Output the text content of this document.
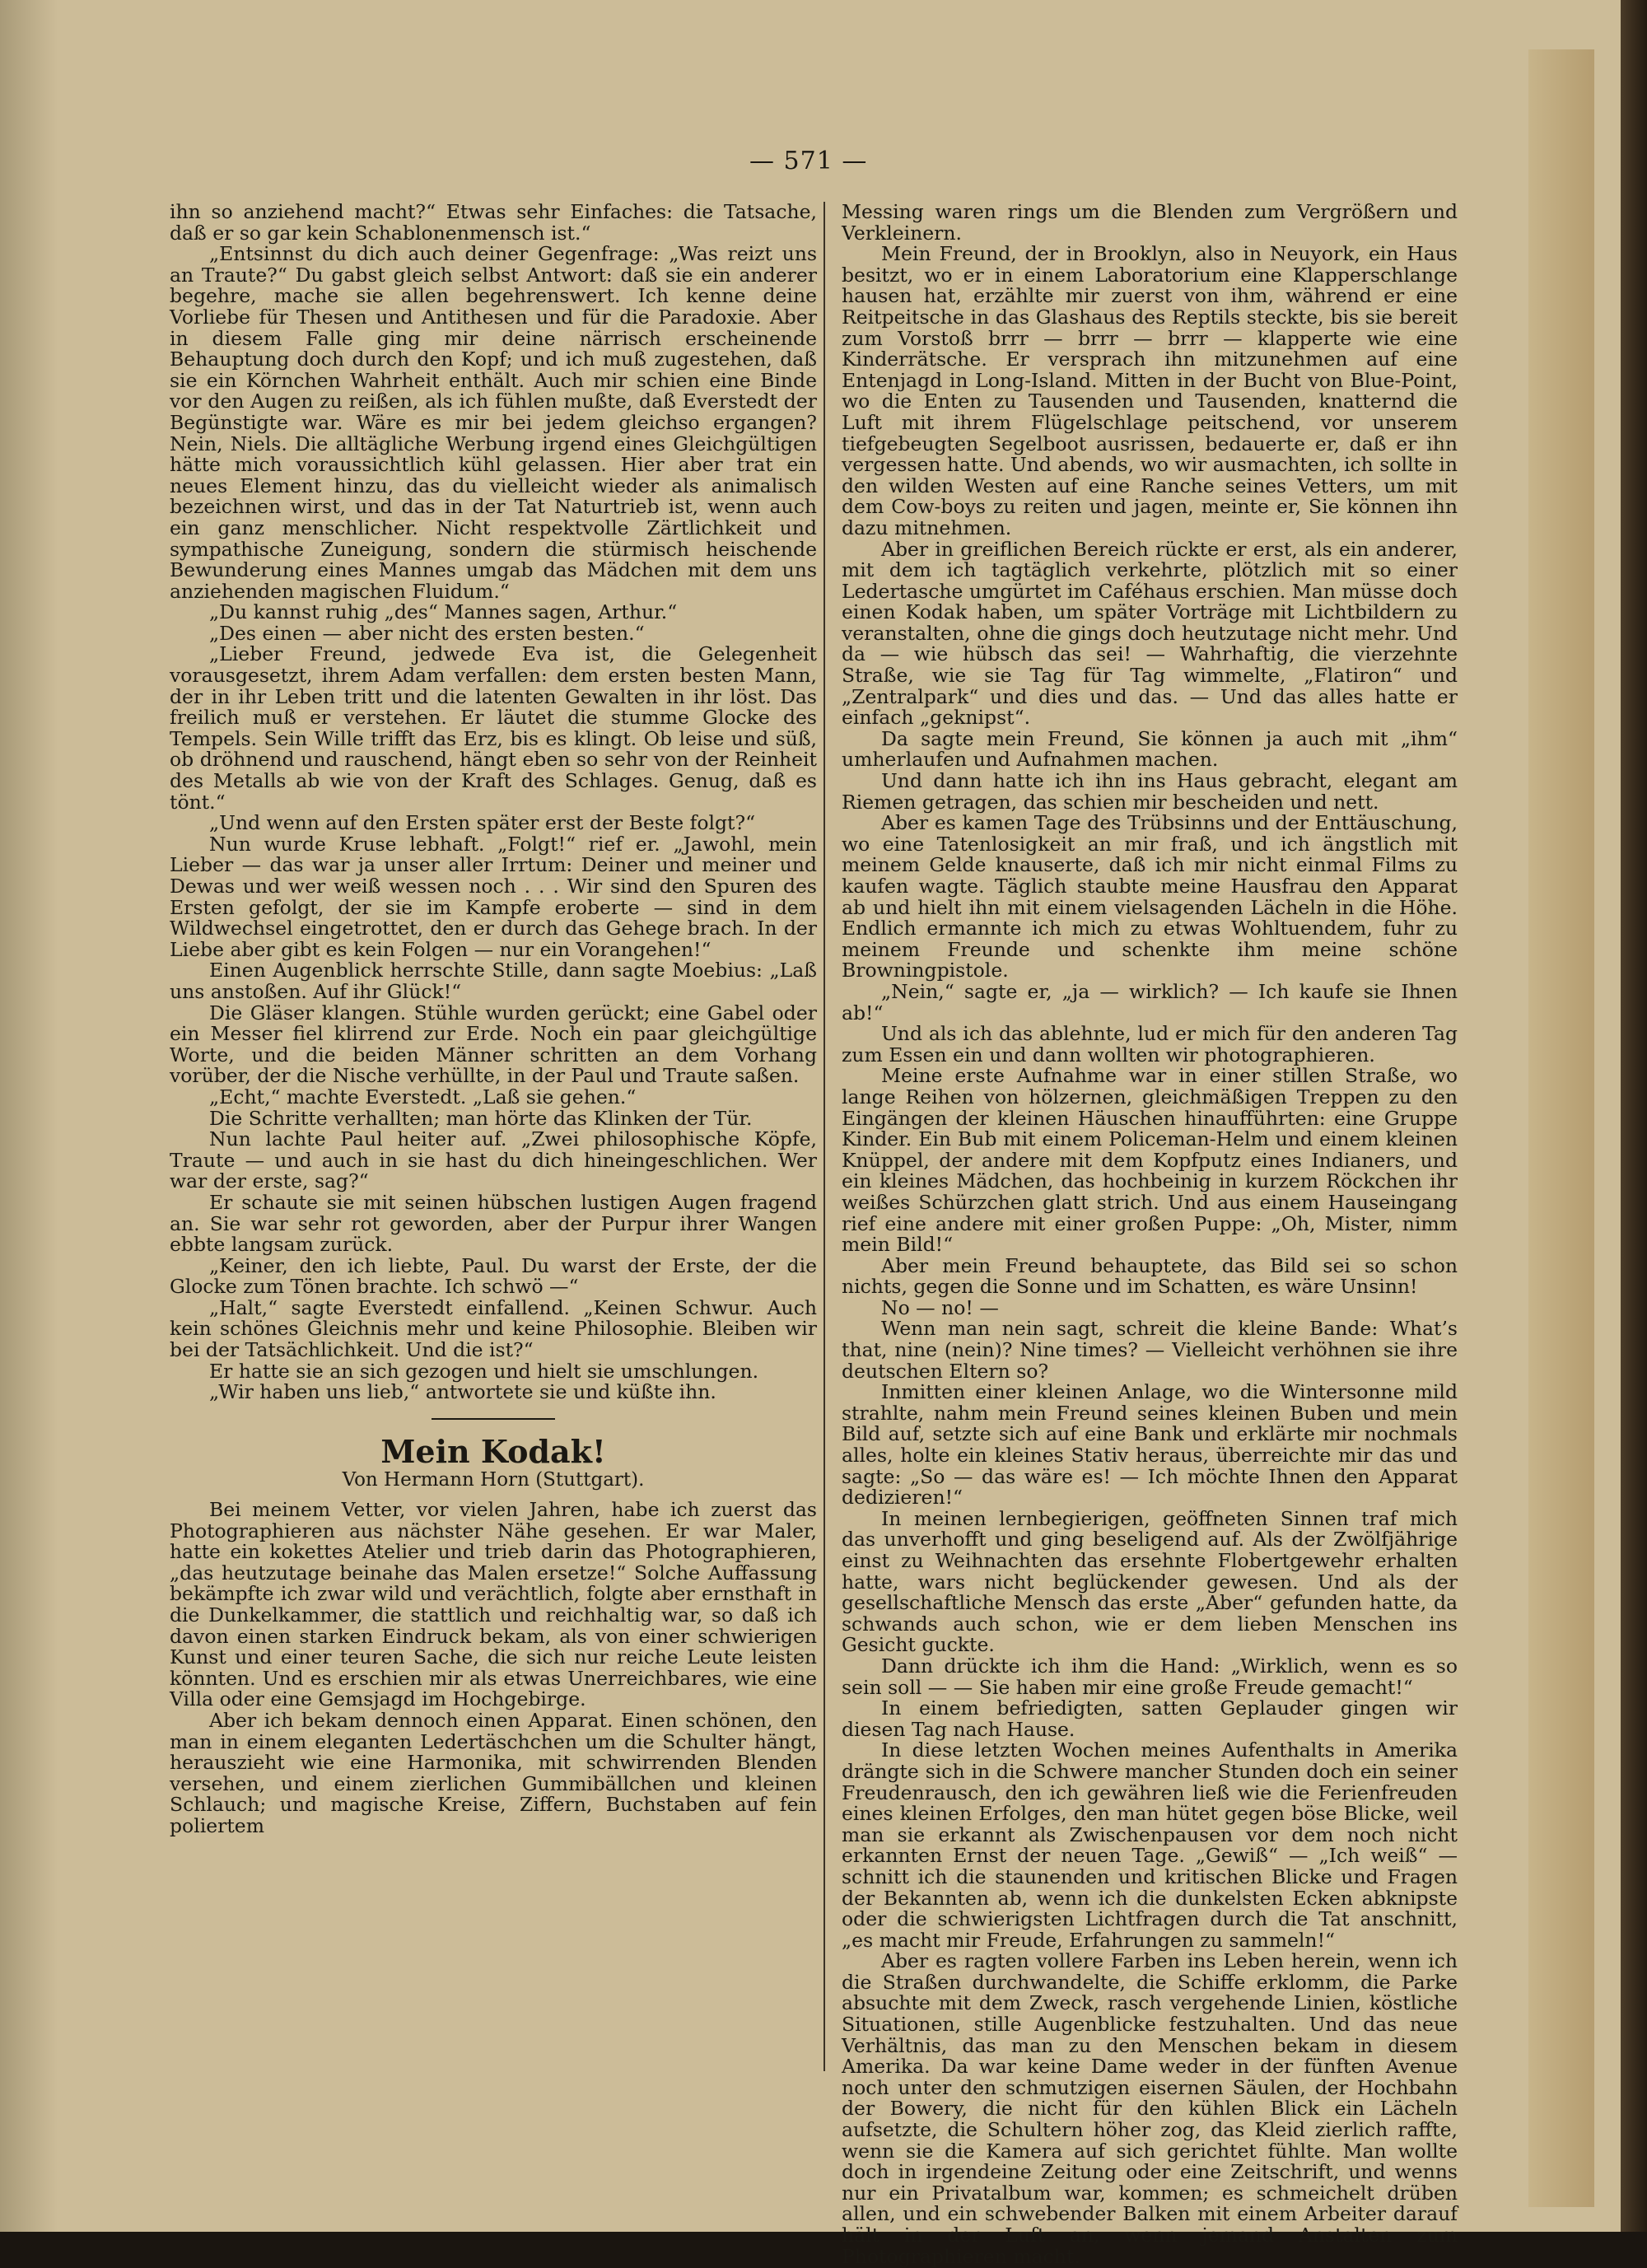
— 571 —

ihn so anziehend macht?“ Etwas sehr Einfaches: die Tatsache, daß er so gar kein Schablonenmensch ist.“

„Entsinnst du dich auch deiner Gegenfrage: „Was reizt uns an Traute?“ Du gabst gleich selbst Antwort: daß sie ein anderer begehre, mache sie allen begehrenswert. Ich kenne deine Vorliebe für Thesen und Antithesen und für die Paradoxie. Aber in diesem Falle ging mir deine närrisch erscheinende Behauptung doch durch den Kopf; und ich muß zugestehen, daß sie ein Körnchen Wahrheit enthält. Auch mir schien eine Binde vor den Augen zu reißen, als ich fühlen mußte, daß Everstedt der Begünstigte war. Wäre es mir bei jedem gleichso ergangen? Nein, Niels. Die alltägliche Werbung irgend eines Gleichgültigen hätte mich voraussichtlich kühl gelassen. Hier aber trat ein neues Element hinzu, das du vielleicht wieder als animalisch bezeichnen wirst, und das in der Tat Naturtrieb ist, wenn auch ein ganz menschlicher. Nicht respektvolle Zärtlichkeit und sympathische Zuneigung, sondern die stürmisch heischende Bewunderung eines Mannes umgab das Mädchen mit dem uns anziehenden magischen Fluidum.“

„Du kannst ruhig „des“ Mannes sagen, Arthur.“

„Des einen — aber nicht des ersten besten.“

„Lieber Freund, jedwede Eva ist, die Gelegenheit vorausgesetzt, ihrem Adam verfallen: dem ersten besten Mann, der in ihr Leben tritt und die latenten Gewalten in ihr löst. Das freilich muß er verstehen. Er läutet die stumme Glocke des Tempels. Sein Wille trifft das Erz, bis es klingt. Ob leise und süß, ob dröhnend und rauschend, hängt eben so sehr von der Reinheit des Metalls ab wie von der Kraft des Schlages. Genug, daß es tönt.“

„Und wenn auf den Ersten später erst der Beste folgt?“

Nun wurde Kruse lebhaft. „Folgt!“ rief er. „Jawohl, mein Lieber — das war ja unser aller Irrtum: Deiner und meiner und Dewas und wer weiß wessen noch . . . Wir sind den Spuren des Ersten gefolgt, der sie im Kampfe eroberte — sind in dem Wildwechsel eingetrottet, den er durch das Gehege brach. In der Liebe aber gibt es kein Folgen — nur ein Vorangehen!“

Einen Augenblick herrschte Stille, dann sagte Moebius: „Laß uns anstoßen. Auf ihr Glück!“

Die Gläser klangen. Stühle wurden gerückt; eine Gabel oder ein Messer fiel klirrend zur Erde. Noch ein paar gleichgültige Worte, und die beiden Männer schritten an dem Vorhang vorüber, der die Nische verhüllte, in der Paul und Traute saßen.

„Echt,“ machte Everstedt. „Laß sie gehen.“

Die Schritte verhallten; man hörte das Klinken der Tür.

Nun lachte Paul heiter auf. „Zwei philosophische Köpfe, Traute — und auch in sie hast du dich hineingeschlichen. Wer war der erste, sag?“

Er schaute sie mit seinen hübschen lustigen Augen fragend an. Sie war sehr rot geworden, aber der Purpur ihrer Wangen ebbte langsam zurück.

„Keiner, den ich liebte, Paul. Du warst der Erste, der die Glocke zum Tönen brachte. Ich schwö —“

„Halt,“ sagte Everstedt einfallend. „Keinen Schwur. Auch kein schönes Gleichnis mehr und keine Philosophie. Bleiben wir bei der Tatsächlichkeit. Und die ist?“

Er hatte sie an sich gezogen und hielt sie umschlungen.

„Wir haben uns lieb,“ antwortete sie und küßte ihn.

Mein Kodak!
Von Hermann Horn (Stuttgart).

Bei meinem Vetter, vor vielen Jahren, habe ich zuerst das Photographieren aus nächster Nähe gesehen. Er war Maler, hatte ein kokettes Atelier und trieb darin das Photographieren, „das heutzutage beinahe das Malen ersetze!“ Solche Auffassung bekämpfte ich zwar wild und verächtlich, folgte aber ernsthaft in die Dunkelkammer, die stattlich und reichhaltig war, so daß ich davon einen starken Eindruck bekam, als von einer schwierigen Kunst und einer teuren Sache, die sich nur reiche Leute leisten könnten. Und es erschien mir als etwas Unerreichbares, wie eine Villa oder eine Gemsjagd im Hochgebirge.

Aber ich bekam dennoch einen Apparat. Einen schönen, den man in einem eleganten Ledertäschchen um die Schulter hängt, herauszieht wie eine Harmonika, mit schwirrenden Blenden versehen, und einem zierlichen Gummibällchen und kleinen Schlauch; und magische Kreise, Ziffern, Buchstaben auf fein poliertem

Messing waren rings um die Blenden zum Vergrößern und Verkleinern.

Mein Freund, der in Brooklyn, also in Neuyork, ein Haus besitzt, wo er in einem Laboratorium eine Klapperschlange hausen hat, erzählte mir zuerst von ihm, während er eine Reitpeitsche in das Glashaus des Reptils steckte, bis sie bereit zum Vorstoß brrr — brrr — brrr — klapperte wie eine Kinderrätsche. Er versprach ihn mitzunehmen auf eine Entenjagd in Long-Island. Mitten in der Bucht von Blue-Point, wo die Enten zu Tausenden und Tausenden, knatternd die Luft mit ihrem Flügelschlage peitschend, vor unserem tiefgebeugten Segelboot ausrissen, bedauerte er, daß er ihn vergessen hatte. Und abends, wo wir ausmachten, ich sollte in den wilden Westen auf eine Ranche seines Vetters, um mit dem Cow-boys zu reiten und jagen, meinte er, Sie können ihn dazu mitnehmen.

Aber in greiflichen Bereich rückte er erst, als ein anderer, mit dem ich tagtäglich verkehrte, plötzlich mit so einer Ledertasche umgürtet im Caféhaus erschien. Man müsse doch einen Kodak haben, um später Vorträge mit Lichtbildern zu veranstalten, ohne die gings doch heutzutage nicht mehr. Und da — wie hübsch das sei! — Wahrhaftig, die vierzehnte Straße, wie sie Tag für Tag wimmelte, „Flatiron“ und „Zentralpark“ und dies und das. — Und das alles hatte er einfach „geknipst“.

Da sagte mein Freund, Sie können ja auch mit „ihm“ umherlaufen und Aufnahmen machen.

Und dann hatte ich ihn ins Haus gebracht, elegant am Riemen getragen, das schien mir bescheiden und nett.

Aber es kamen Tage des Trübsinns und der Enttäuschung, wo eine Tatenlosigkeit an mir fraß, und ich ängstlich mit meinem Gelde knauserte, daß ich mir nicht einmal Films zu kaufen wagte. Täglich staubte meine Hausfrau den Apparat ab und hielt ihn mit einem vielsagenden Lächeln in die Höhe. Endlich ermannte ich mich zu etwas Wohltuendem, fuhr zu meinem Freunde und schenkte ihm meine schöne Browningpistole.

„Nein,“ sagte er, „ja — wirklich? — Ich kaufe sie Ihnen ab!“

Und als ich das ablehnte, lud er mich für den anderen Tag zum Essen ein und dann wollten wir photographieren.

Meine erste Aufnahme war in einer stillen Straße, wo lange Reihen von hölzernen, gleichmäßigen Treppen zu den Eingängen der kleinen Häuschen hinaufführten: eine Gruppe Kinder. Ein Bub mit einem Policeman-Helm und einem kleinen Knüppel, der andere mit dem Kopfputz eines Indianers, und ein kleines Mädchen, das hochbeinig in kurzem Röckchen ihr weißes Schürzchen glatt strich. Und aus einem Hauseingang rief eine andere mit einer großen Puppe: „Oh, Mister, nimm mein Bild!“

Aber mein Freund behauptete, das Bild sei so schon nichts, gegen die Sonne und im Schatten, es wäre Unsinn!

No — no! —

Wenn man nein sagt, schreit die kleine Bande: What’s that, nine (nein)? Nine times? — Vielleicht verhöhnen sie ihre deutschen Eltern so?

Inmitten einer kleinen Anlage, wo die Wintersonne mild strahlte, nahm mein Freund seines kleinen Buben und mein Bild auf, setzte sich auf eine Bank und erklärte mir nochmals alles, holte ein kleines Stativ heraus, überreichte mir das und sagte: „So — das wäre es! — Ich möchte Ihnen den Apparat dedizieren!“

In meinen lernbegierigen, geöffneten Sinnen traf mich das unverhofft und ging beseligend auf. Als der Zwölfjährige einst zu Weihnachten das ersehnte Flobertgewehr erhalten hatte, wars nicht beglückender gewesen. Und als der gesellschaftliche Mensch das erste „Aber“ gefunden hatte, da schwands auch schon, wie er dem lieben Menschen ins Gesicht guckte.

Dann drückte ich ihm die Hand: „Wirklich, wenn es so sein soll — — Sie haben mir eine große Freude gemacht!“

In einem befriedigten, satten Geplauder gingen wir diesen Tag nach Hause.

In diese letzten Wochen meines Aufenthalts in Amerika drängte sich in die Schwere mancher Stunden doch ein seiner Freudenrausch, den ich gewähren ließ wie die Ferienfreuden eines kleinen Erfolges, den man hütet gegen böse Blicke, weil man sie erkannt als Zwischenpausen vor dem noch nicht erkannten Ernst der neuen Tage. „Gewiß“ — „Ich weiß“ — schnitt ich die staunenden und kritischen Blicke und Fragen der Bekannten ab, wenn ich die dunkelsten Ecken abknipste oder die schwierigsten Lichtfragen durch die Tat anschnitt, „es macht mir Freude, Erfahrungen zu sammeln!“

Aber es ragten vollere Farben ins Leben herein, wenn ich die Straßen durchwandelte, die Schiffe erklomm, die Parke absuchte mit dem Zweck, rasch vergehende Linien, köstliche Situationen, stille Augenblicke festzuhalten. Und das neue Verhältnis, das man zu den Menschen bekam in diesem Amerika. Da war keine Dame weder in der fünften Avenue noch unter den schmutzigen eisernen Säulen, der Hochbahn der Bowery, die nicht für den kühlen Blick ein Lächeln aufsetzte, die Schultern höher zog, das Kleid zierlich raffte, wenn sie die Kamera auf sich gerichtet fühlte. Man wollte doch in irgendeine Zeitung oder eine Zeitschrift, und wenns nur ein Privatalbum war, kommen; es schmeichelt drüben allen, und ein schwebender Balken mit einem Arbeiter darauf hält in der Luft an, wenn jemand Anstalten zum Photographieren macht.
